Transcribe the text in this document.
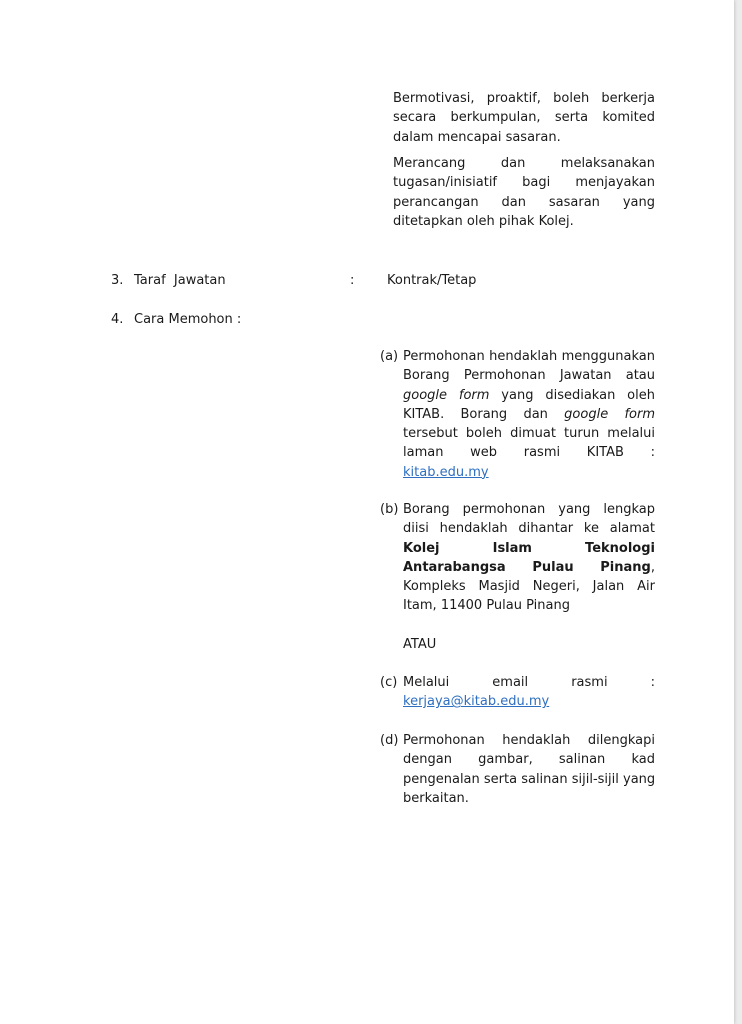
Bermotivasi, proaktif, boleh berkerja
secara berkumpulan, serta komited
dalam mencapai sasaran.
Merancang dan melaksanakan
tugasan/inisiatif bagi menjayakan
perancangan dan sasaran yang
ditetapkan oleh pihak Kolej.
3. Taraf  Jawatan	:	Kontrak/Tetap
4. Cara Memohon :
(a) Permohonan hendaklah menggunakan
Borang Permohonan Jawatan atau
google form yang disediakan oleh
KITAB. Borang dan google form
tersebut boleh dimuat turun melalui
laman web rasmi KITAB :
kitab.edu.my
(b) Borang permohonan yang lengkap
diisi hendaklah dihantar ke alamat
Kolej Islam Teknologi
Antarabangsa Pulau Pinang,
Kompleks Masjid Negeri, Jalan Air
Itam, 11400 Pulau Pinang
ATAU
(c) Melalui email rasmi :
kerjaya@kitab.edu.my
(d) Permohonan hendaklah dilengkapi
dengan gambar, salinan kad
pengenalan serta salinan sijil-sijil yang
berkaitan.
